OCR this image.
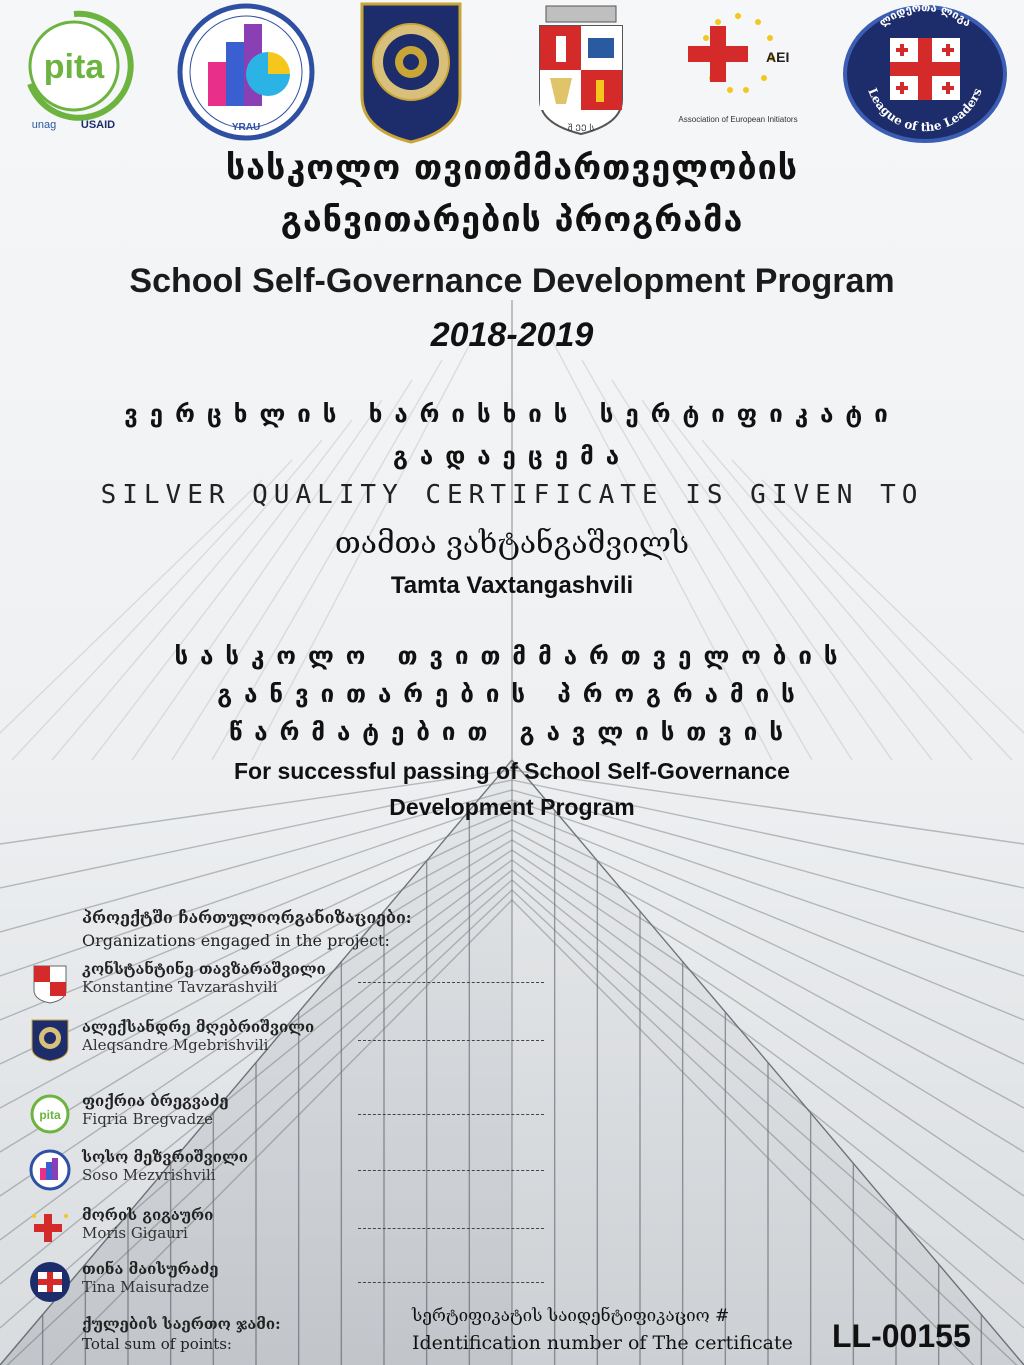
pita
unag USAID	YRAU	შ ᲔᲔ ს
AEI
Association of European Initiators
ლიდერთა ლიგა
League of the Leaders
სასკოლო თვითმმართველობის
განვითარების პროგრამა
School Self-Governance Development Program
2018-2019
ვერცხლის ხარისხის სერტიფიკატი
გადაეცემა
SILVER QUALITY CERTIFICATE IS GIVEN TO
თამთა ვახტანგაშვილს
Tamta Vaxtangashvili
სასკოლო თვითმმართველობის
განვითარების პროგრამის
წარმატებით გავლისთვის
For successful passing of School Self-Governance
Development Program
პროექტში ჩართულიორგანიზაციები:
Organizations engaged in the project:
კონსტანტინე თავზარაშვილი
Konstantine Tavzarashvili
ალექსანდრე მღებრიშვილი
Aleqsandre Mgebrishvili
pita
ფიქრია ბრეგვაძე
Fiqria Bregvadze
სოსო მეზვრიშვილი
Soso Mezvrishvili
მორის გიგაური
Moris Gigauri
თინა მაისურაძე
Tina Maisuradze
ქულების საერთო ჯამი:
Total sum of points:
სერტიფიკატის საიდენტიფიკაციო #
Identification number of The certificate LL-00155
